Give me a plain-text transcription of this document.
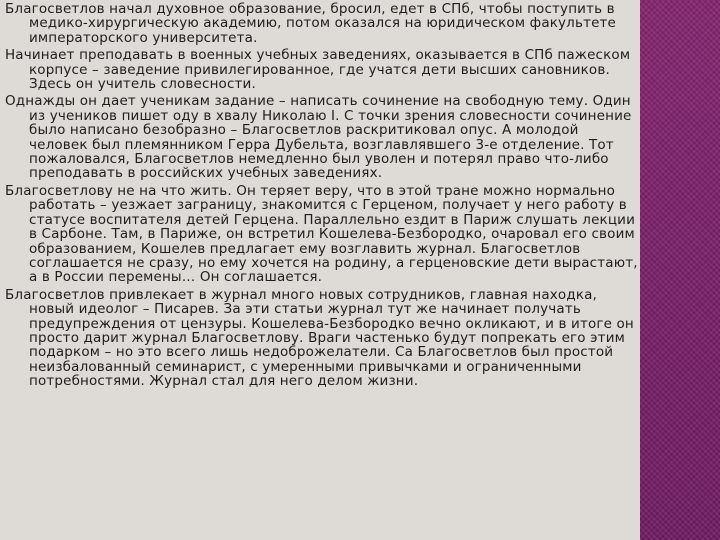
Благосветлов начал духовное образование, бросил, едет в СПб, чтобы поступить в медико-хирургическую академию, потом оказался на юридическом факультете императорского университета.

Начинает преподавать в военных учебных заведениях, оказывается в СПб пажеском корпусе – заведение привилегированное, где учатся дети высших сановников. Здесь он учитель словесности.

Однажды он дает ученикам задание – написать сочинение на свободную тему. Один из учеников пишет оду в хвалу Николаю I. С точки зрения словесности сочинение было написано безобразно – Благосветлов раскритиковал опус. А молодой человек был племянником Герра Дубельта, возглавлявшего 3-е отделение. Тот пожаловался, Благосветлов немедленно был уволен и потерял право что-либо преподавать в российских учебных заведениях.

Благосветлову не на что жить. Он теряет веру, что в этой тране можно нормально работать – уезжает заграницу, знакомится с Герценом, получает у него работу в статусе воспитателя детей Герцена. Параллельно ездит в Париж слушать лекции в Сарбоне. Там, в Париже, он встретил Кошелева-Безбородко, очаровал его своим образованием, Кошелев предлагает ему возглавить журнал. Благосветлов соглашается не сразу, но ему хочется на родину, а герценовские дети вырастают, а в России перемены… Он соглашается.

Благосветлов привлекает в журнал много новых сотрудников, главная находка, новый идеолог – Писарев. За эти статьи журнал тут же начинает получать предупреждения от цензуры. Кошелева-Безбородко вечно окликают, и в итоге он просто дарит журнал Благосветлову. Враги частенько будут попрекать его этим подарком – но это всего лишь недоброжелатели. Са Благосветлов был простой неизбалованный семинарист, с умеренными привычками и ограниченными потребностями. Журнал стал для него делом жизни.
